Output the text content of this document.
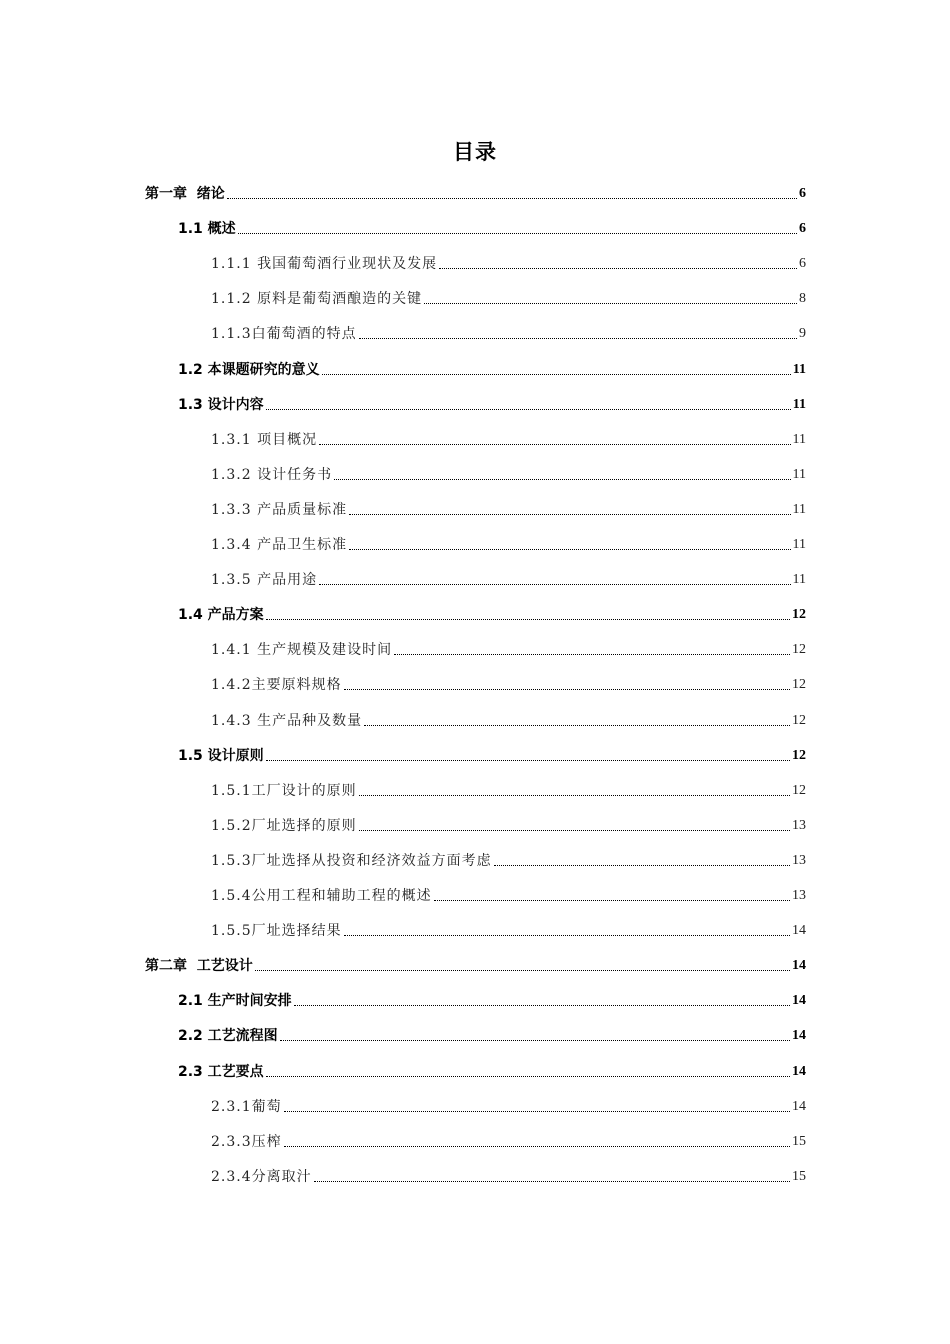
目录
第一章  绪论	6
1.1 概述	6
1.1.1 我国葡萄酒行业现状及发展	6
1.1.2 原料是葡萄酒酿造的关键	8
1.1.3白葡萄酒的特点	9
1.2 本课题研究的意义	11
1.3 设计内容	11
1.3.1 项目概况	11
1.3.2 设计任务书	11
1.3.3 产品质量标准	11
1.3.4 产品卫生标准	11
1.3.5 产品用途	11
1.4 产品方案	12
1.4.1 生产规模及建设时间	12
1.4.2主要原料规格	12
1.4.3 生产品种及数量	12
1.5 设计原则	12
1.5.1工厂设计的原则	12
1.5.2厂址选择的原则	13
1.5.3厂址选择从投资和经济效益方面考虑	13
1.5.4公用工程和辅助工程的概述	13
1.5.5厂址选择结果	14
第二章  工艺设计	14
2.1 生产时间安排	14
2.2 工艺流程图	14
2.3 工艺要点	14
2.3.1葡萄	14
2.3.3压榨	15
2.3.4分离取汁	15
